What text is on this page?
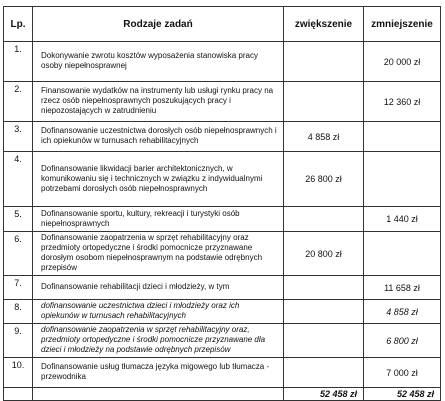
Lp.	Rodzaje zadań	zwiększenie	zmniejszenie
1.	Dokonywanie zwrotu kosztów wyposażenia stanowiska pracy osoby niepełnosprawnej		20 000 zł
2.	Finansowanie wydatków na instrumenty lub usługi rynku pracy na rzecz osób niepełnosprawnych poszukujących pracy i niepozostających w zatrudnieniu		12 360 zł
3.	Dofinansowanie uczestnictwa dorosłych osób niepełnosprawnych i ich opiekunów w turnusach rehabilitacyjnych	4 858 zł	
4.	Dofinansowanie likwidacji barier architektonicznych, w komunikowaniu się i technicznych w związku z indywidualnymi potrzebami dorosłych osób niepełnosprawnych	26 800 zł	
5.	Dofinansowanie sportu, kultury, rekreacji i turystyki osób niepełnosprawnych		1 440 zł
6.	Dofinansowanie zaopatrzenia w sprzęt rehabilitacyjny oraz przedmioty ortopedyczne i środki pomocnicze przyznawane dorosłym osobom niepełnosprawnym na podstawie odrębnych przepisów	20 800 zł	
7.	Dofinansowanie rehabilitacji dzieci i młodzieży, w tym		11 658 zł
8.	dofinansowanie uczestnictwa dzieci i młodzieży oraz ich opiekunów w turnusach rehabilitacyjnych		4 858 zł
9.	dofinansowanie zaopatrzenia w sprzęt rehabilitacyjny oraz, przedmioty ortopedyczne i środki pomocnicze przyznawane dla dzieci i młodzieży na podstawie odrębnych przepisów		6 800 zł
10.	Dofinansowanie usług tłumacza języka migowego lub tłumacza - przewodnika		7 000 zł
		52 458 zł	52 458 zł
